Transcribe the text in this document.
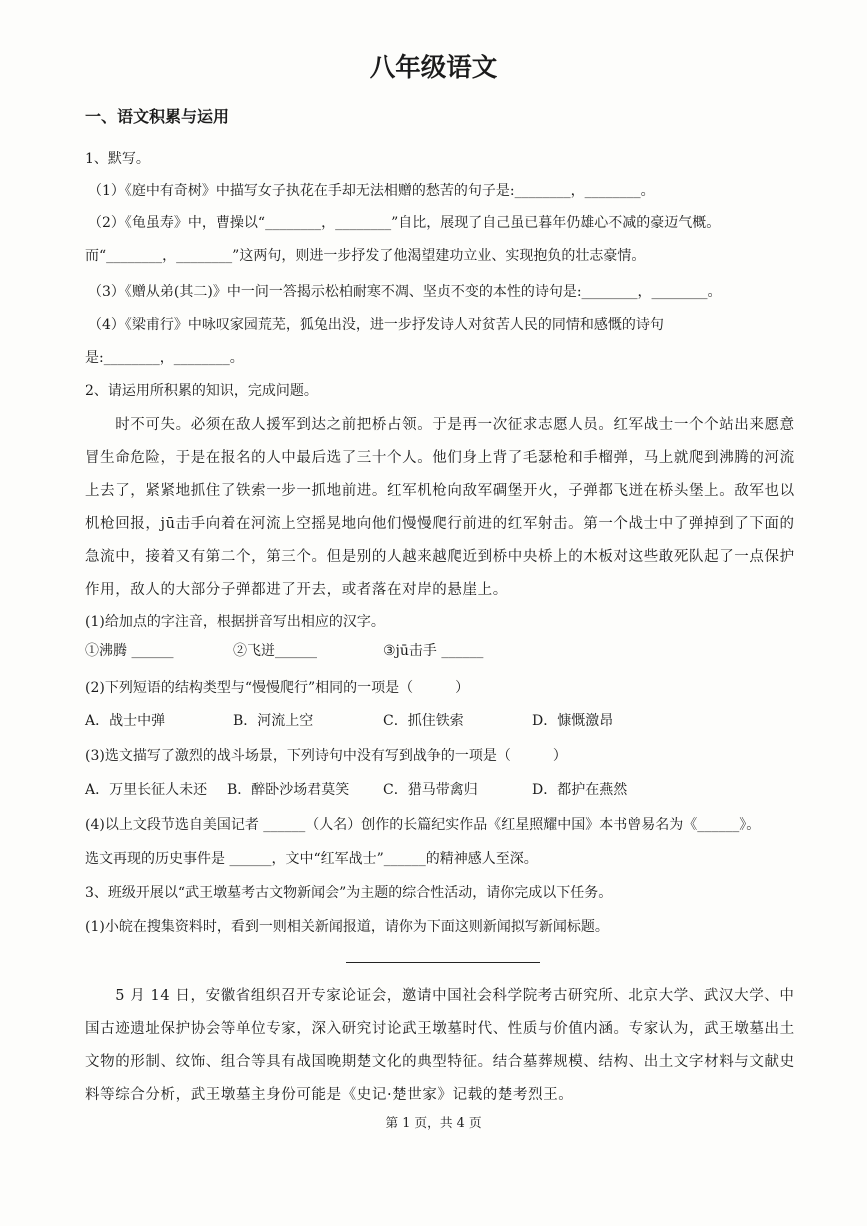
八年级语文
一、语文积累与运用
1、默写。
（1）《庭中有奇树》中描写女子执花在手却无法相赠的愁苦的句子是:________，________。
（2）《龟虽寿》中，曹操以“________，________”自比，展现了自己虽已暮年仍雄心不减的豪迈气概。
而“________，________”这两句，则进一步抒发了他渴望建功立业、实现抱负的壮志豪情。
（3）《赠从弟(其二)》中一问一答揭示松柏耐寒不凋、坚贞不变的本性的诗句是:________，________。
（4）《梁甫行》中咏叹家园荒芜，狐兔出没，进一步抒发诗人对贫苦人民的同情和感慨的诗句
是:________，________。
2、请运用所积累的知识，完成问题。
　　时不可失。必须在敌人援军到达之前把桥占领。于是再一次征求志愿人员。红军战士一个个站出来愿意
冒生命危险，于是在报名的人中最后选了三十个人。他们身上背了毛瑟枪和手榴弹，马上就爬到沸腾的河流
上去了，紧紧地抓住了铁索一步一抓地前进。红军机枪向敌军碉堡开火，子弹都飞迸在桥头堡上。敌军也以
机枪回报，jū击手向着在河流上空摇晃地向他们慢慢爬行前进的红军射击。第一个战士中了弹掉到了下面的
急流中，接着又有第二个，第三个。但是别的人越来越爬近到桥中央桥上的木板对这些敢死队起了一点保护
作用，敌人的大部分子弹都进了开去，或者落在对岸的悬崖上。
(1)给加点的字注音，根据拼音写出相应的汉字。
①沸腾 ______	②飞迸______	③jū击手 ______
(2)下列短语的结构类型与“慢慢爬行”相同的一项是（　　　）
A．战士中弹	B．河流上空	C．抓住铁索	D．慷慨激昂
(3)选文描写了激烈的战斗场景，下列诗句中没有写到战争的一项是（　　　）
A．万里长征人未还 B．醉卧沙场君莫笑 C．猎马带禽归	D．都护在燕然
(4)以上文段节选自美国记者 ______（人名）创作的长篇纪实作品《红星照耀中国》本书曾易名为《______》。
选文再现的历史事件是 ______，文中“红军战士”______的精神感人至深。
3、班级开展以“武王墩墓考古文物新闻会”为主题的综合性活动，请你完成以下任务。
(1)小皖在搜集资料时，看到一则相关新闻报道，请你为下面这则新闻拟写新闻标题。
　　5 月 14 日，安徽省组织召开专家论证会，邀请中国社会科学院考古研究所、北京大学、武汉大学、中
国古迹遗址保护协会等单位专家，深入研究讨论武王墩墓时代、性质与价值内涵。专家认为，武王墩墓出土
文物的形制、纹饰、组合等具有战国晚期楚文化的典型特征。结合墓葬规模、结构、出土文字材料与文献史
料等综合分析，武王墩墓主身份可能是《史记·楚世家》记载的楚考烈王。
第 1 页，共 4 页
